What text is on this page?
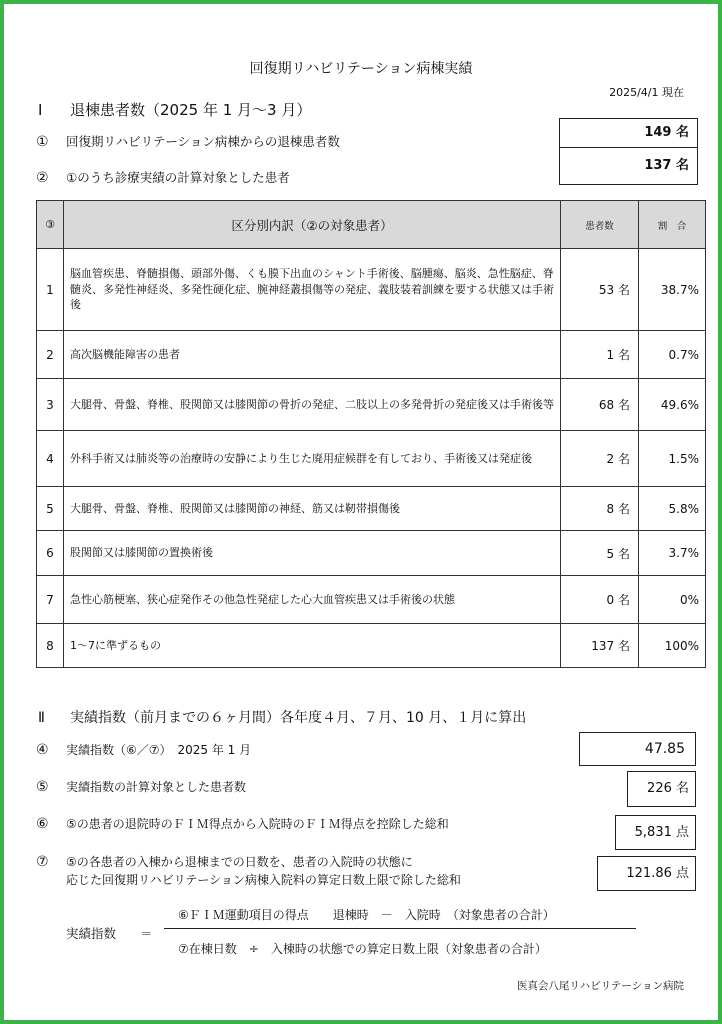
回復期リハビリテーション病棟実績
2025/4/1 現在
Ⅰ 退棟患者数（2025 年 1 月～3 月）
① 回復期リハビリテーション病棟からの退棟患者数
149 名
② ①のうち診療実績の計算対象とした患者
137 名
③	区分別内訳（②の対象患者）	患者数	割　合
1	脳血管疾患、脊髄損傷、頭部外傷、くも膜下出血のシャント手術後、脳腫瘍、脳炎、急性脳症、脊髄炎、多発性神経炎、多発性硬化症、腕神経叢損傷等の発症、義肢装着訓練を要する状態又は手術後	53 名	38.7%
2	高次脳機能障害の患者	1 名	0.7%
3	大腿骨、骨盤、脊椎、股関節又は膝関節の骨折の発症、二肢以上の多発骨折の発症後又は手術後等	68 名	49.6%
4	外科手術又は肺炎等の治療時の安静により生じた廃用症候群を有しており、手術後又は発症後	2 名	1.5%
5	大腿骨、骨盤、脊椎、股関節又は膝関節の神経、筋又は靭帯損傷後	8 名	5.8%
6	股関節又は膝関節の置換術後	5 名	3.7%
7	急性心筋梗塞、狭心症発作その他急性発症した心大血管疾患又は手術後の状態	0 名	0%
8	1～7に準ずるもの	137 名	100%
Ⅱ 実績指数（前月までの６ヶ月間）各年度４月、７月、10 月、１月に算出
④ 実績指数（⑥／⑦）　2025 年 1 月	47.85
⑤ 実績指数の計算対象とした患者数	226 名
⑥ ⑤の患者の退院時のＦＩＭ得点から入院時のＦＩＭ得点を控除した総和
5,831 点
⑦ ⑤の各患者の入棟から退棟までの日数を、患者の入院時の状態に
応じた回復期リハビリテーション病棟入院料の算定日数上限で除した総和	121.86 点
実績指数 ＝
⑥ＦＩＭ運動項目の得点　　退棟時　－　入院時　（対象患者の合計）
⑦在棟日数　÷　入棟時の状態での算定日数上限（対象患者の合計）
医真会八尾リハビリテーション病院
